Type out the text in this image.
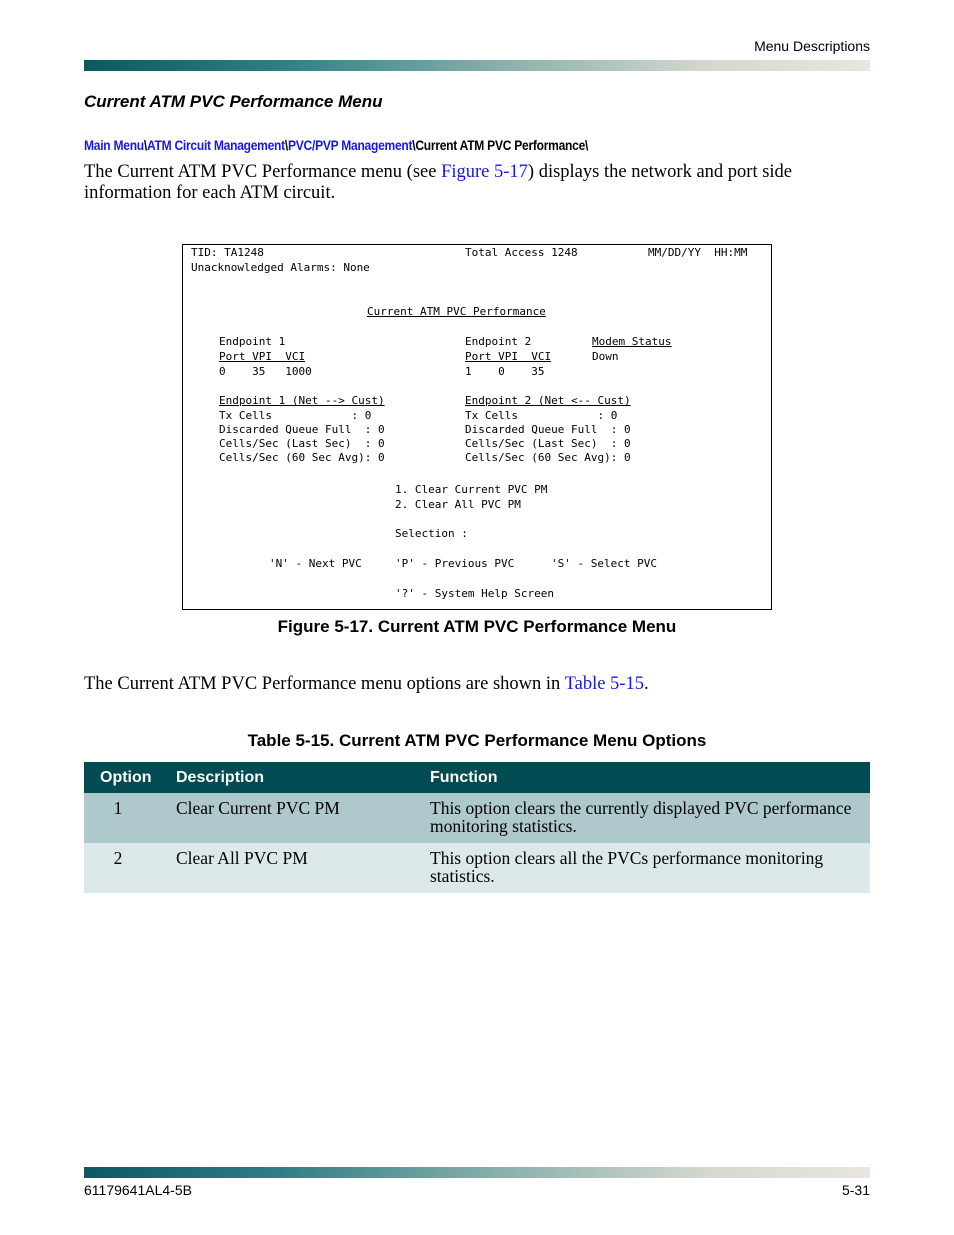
Menu Descriptions
Current ATM PVC Performance Menu
Main Menu\ATM Circuit Management\PVC/PVP Management\Current ATM PVC Performance\
The Current ATM PVC Performance menu (see Figure 5-17) displays the network and port side
information for each ATM circuit.
TID: TA1248	Total Access 1248	MM/DD/YY  HH:MM
Unacknowledged Alarms: None
Current ATM PVC Performance
Endpoint 1
Port VPI  VCI
0    35   1000
Endpoint 2
Port VPI  VCI
1    0    35
Modem Status
Down
Endpoint 1 (Net --> Cust)
Tx Cells            : 0
Discarded Queue Full  : 0
Cells/Sec (Last Sec)  : 0
Cells/Sec (60 Sec Avg): 0
Endpoint 2 (Net <-- Cust)
Tx Cells            : 0
Discarded Queue Full  : 0
Cells/Sec (Last Sec)  : 0
Cells/Sec (60 Sec Avg): 0
1. Clear Current PVC PM
2. Clear All PVC PM
Selection :
'N' - Next PVC	'P' - Previous PVC	'S' - Select PVC
'?' - System Help Screen
Figure 5-17. Current ATM PVC Performance Menu
The Current ATM PVC Performance menu options are shown in Table 5-15.
Table 5-15. Current ATM PVC Performance Menu Options
Option	Description	Function
1	Clear Current PVC PM	This option clears the currently displayed PVC performance monitoring statistics.
2	Clear All PVC PM	This option clears all the PVCs performance monitoring statistics.
61179641AL4-5B	5-31
